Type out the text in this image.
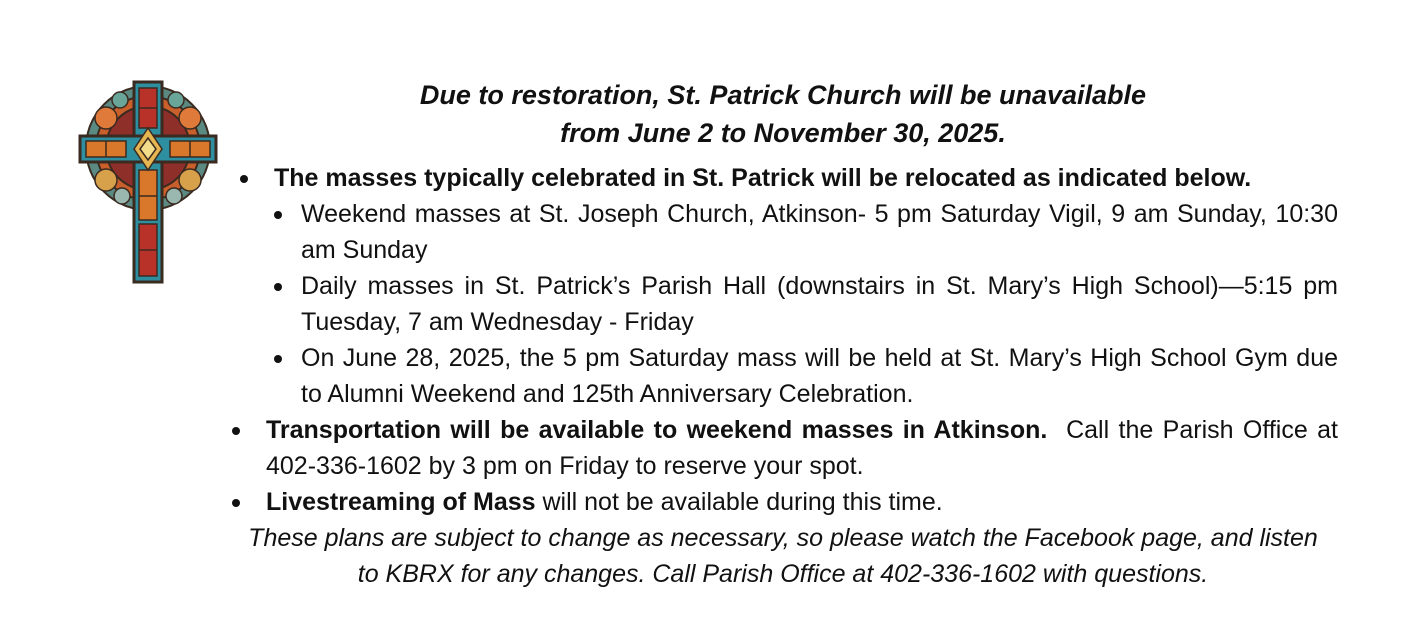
Due to restoration, St. Patrick Church will be unavailable
from June 2 to November 30, 2025.
The masses typically celebrated in St. Patrick will be relocated as indicated below.
Weekend masses at St. Joseph Church, Atkinson- 5 pm Saturday Vigil, 9 am Sunday, 10:30 am Sunday
Daily masses in St. Patrick’s Parish Hall (downstairs in St. Mary’s High School)—5:15 pm Tuesday, 7 am Wednesday - Friday
On June 28, 2025, the 5 pm Saturday mass will be held at St. Mary’s High School Gym due to Alumni Weekend and 125th Anniversary Celebration.
Transportation will be available to weekend masses in Atkinson.  Call the Parish Office at 402-336-1602 by 3 pm on Friday to reserve your spot.
Livestreaming of Mass will not be available during this time.
These plans are subject to change as necessary, so please watch the Facebook page, and listen
to KBRX for any changes. Call Parish Office at 402-336-1602 with questions.
